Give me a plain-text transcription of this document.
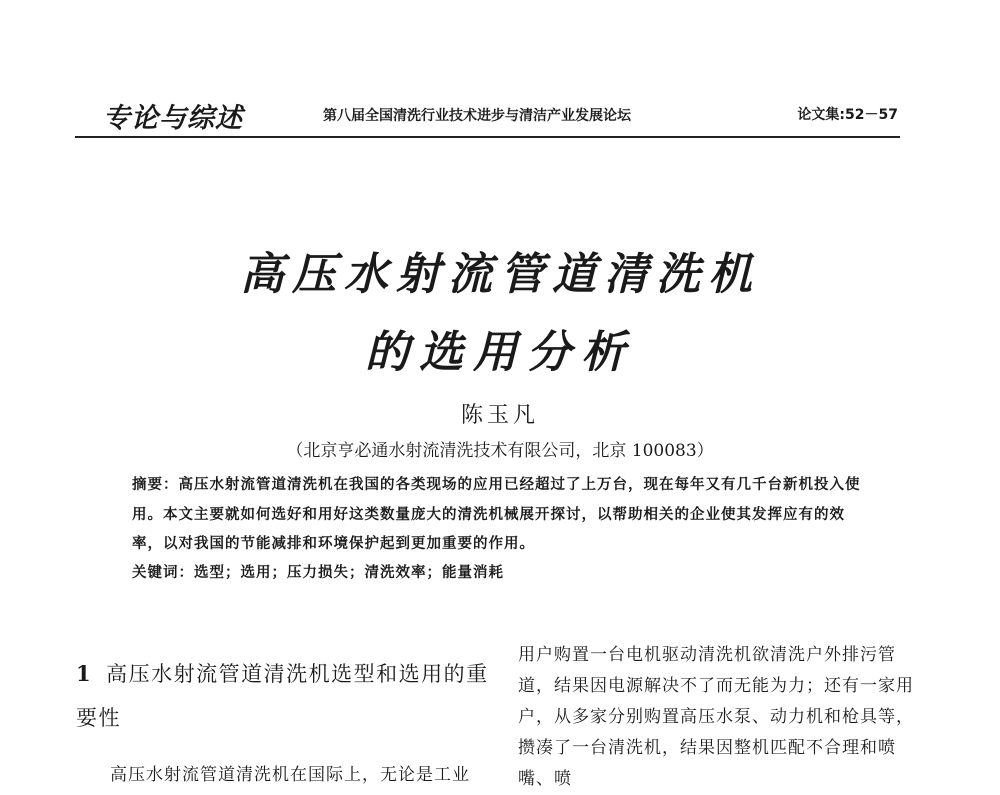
专论与综述	第八届全国清洗行业技术进步与清洁产业发展论坛	论文集:52－57
高压水射流管道清洗机
的选用分析
陈玉凡
（北京亨必通水射流清洗技术有限公司，北京 100083）

摘要：高压水射流管道清洗机在我国的各类现场的应用已经超过了上万台，现在每年又有几千台新机投入使用。本文主要就如何选好和用好这类数量庞大的清洗机械展开探讨，以帮助相关的企业使其发挥应有的效率，以对我国的节能减排和环境保护起到更加重要的作用。

关键词：选型；选用；压力损失；清洗效率；能量消耗

1 高压水射流管道清洗机选型和选用的重要性

高压水射流管道清洗机在国际上，无论是工业

用户购置一台电机驱动清洗机欲清洗户外排污管道，结果因电源解决不了而无能为力；还有一家用户，从多家分别购置高压水泵、动力机和枪具等，攒凑了一台清洗机，结果因整机匹配不合理和喷嘴、喷
